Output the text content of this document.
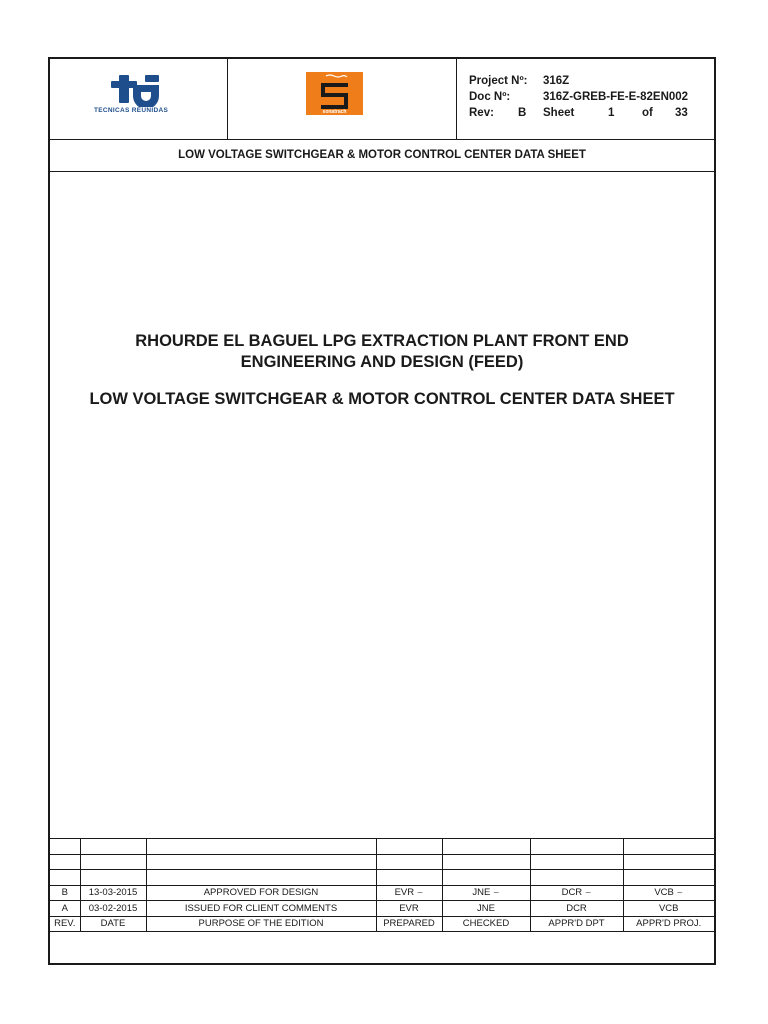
TECNICAS REUNIDAS	sonatrach
Project Nº: 316Z
Doc Nº:	316Z-GREB-FE-E-82EN002
Rev: B Sheet	1 of 33
LOW VOLTAGE SWITCHGEAR & MOTOR CONTROL CENTER DATA SHEET
RHOURDE EL BAGUEL LPG EXTRACTION PLANT FRONT END
ENGINEERING AND DESIGN (FEED)
LOW VOLTAGE SWITCHGEAR & MOTOR CONTROL CENTER DATA SHEET

B	13-03-2015	APPROVED FOR DESIGN	EVR ~	JNE ~	DCR ~	VCB ~
A	03-02-2015	ISSUED FOR CLIENT COMMENTS	EVR	JNE	DCR	VCB
REV.	DATE	PURPOSE OF THE EDITION	PREPARED	CHECKED	APPR'D DPT	APPR'D PROJ.
